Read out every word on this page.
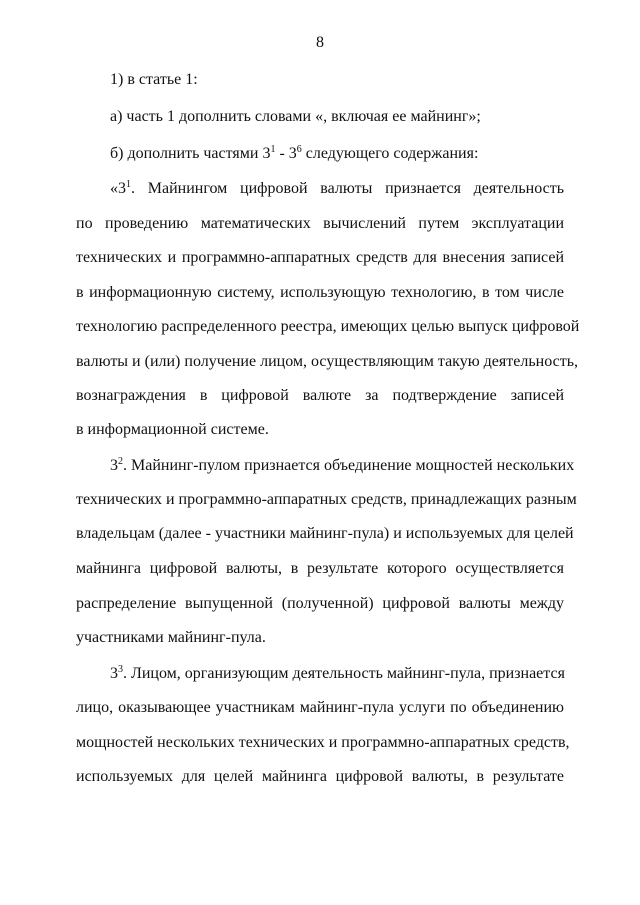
8
1) в статье 1:
а) часть 1 дополнить словами «, включая ее майнинг»;
б) дополнить частями $3^1 - 3^6$ следующего содержания:
«$3^1$. Майнингом цифровой валюты признается деятельность
по проведению математических вычислений путем эксплуатации
технических и программно-аппаратных средств для внесения записей
в информационную систему, использующую технологию, в том числе
технологию распределенного реестра, имеющих целью выпуск цифровой
валюты и (или) получение лицом, осуществляющим такую деятельность,
вознаграждения в цифровой валюте за подтверждение записей
в информационной системе.
$3^2$. Майнинг-пулом признается объединение мощностей нескольких
технических и программно-аппаратных средств, принадлежащих разным
владельцам (далее - участники майнинг-пула) и используемых для целей
майнинга цифровой валюты, в результате которого осуществляется
распределение выпущенной (полученной) цифровой валюты между
участниками майнинг-пула.
$3^3$. Лицом, организующим деятельность майнинг-пула, признается
лицо, оказывающее участникам майнинг-пула услуги по объединению
мощностей нескольких технических и программно-аппаратных средств,
используемых для целей майнинга цифровой валюты, в результате
